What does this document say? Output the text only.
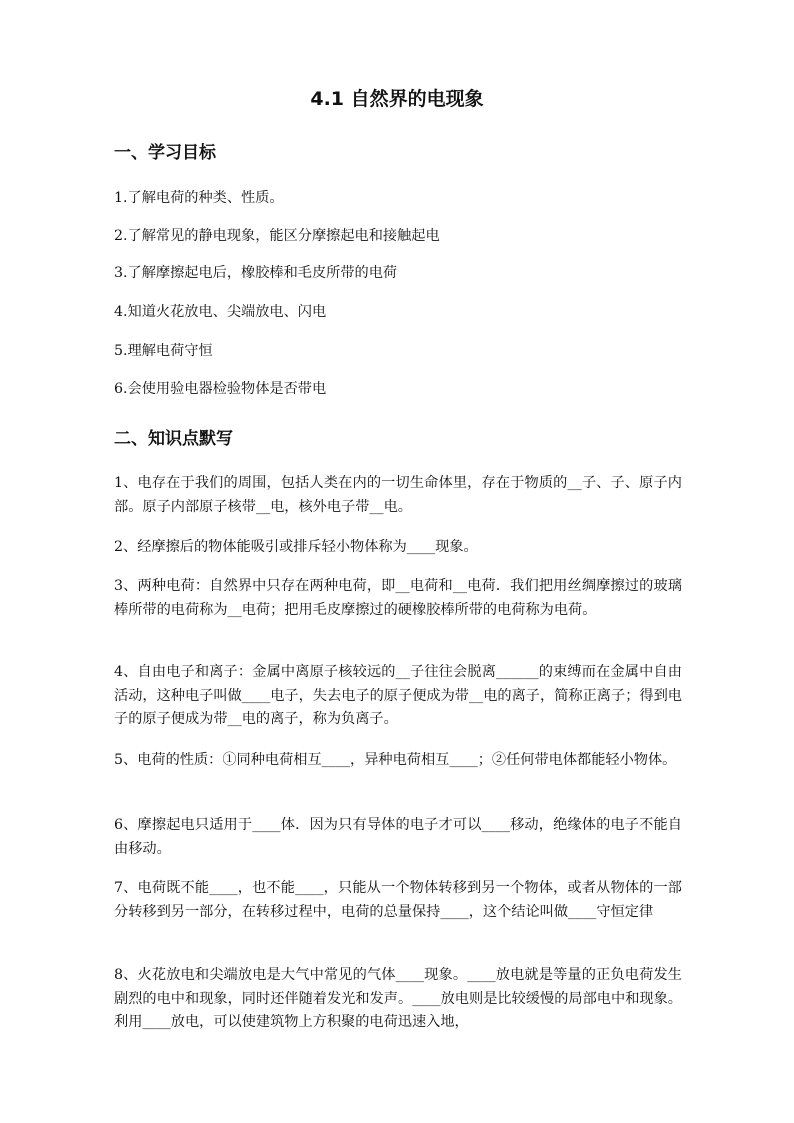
4.1 自然界的电现象
一、学习目标
1.了解电荷的种类、性质。
2.了解常见的静电现象，能区分摩擦起电和接触起电
3.了解摩擦起电后，橡胶棒和毛皮所带的电荷
4.知道火花放电、尖端放电、闪电
5.理解电荷守恒
6.会使用验电器检验物体是否带电
二、知识点默写
1、电存在于我们的周围，包括人类在内的一切生命体里，存在于物质的__子、子、原子内部。原子内部原子核带__电，核外电子带__电。
2、经摩擦后的物体能吸引或排斥轻小物体称为____现象。
3、两种电荷：自然界中只存在两种电荷，即__电荷和__电荷．我们把用丝绸摩擦过的玻璃棒所带的电荷称为__电荷；把用毛皮摩擦过的硬橡胶棒所带的电荷称为电荷。
4、自由电子和离子：金属中离原子核较远的__子往往会脱离______的束缚而在金属中自由活动，这种电子叫做____电子，失去电子的原子便成为带__电的离子，简称正离子；得到电子的原子便成为带__电的离子，称为负离子。
5、电荷的性质：①同种电荷相互____，异种电荷相互____；②任何带电体都能轻小物体。
6、摩擦起电只适用于____体．因为只有导体的电子才可以____移动，绝缘体的电子不能自由移动。
7、电荷既不能____，也不能____，只能从一个物体转移到另一个物体，或者从物体的一部分转移到另一部分，在转移过程中，电荷的总量保持____，这个结论叫做____守恒定律
8、火花放电和尖端放电是大气中常见的气体____现象。____放电就是等量的正负电荷发生剧烈的电中和现象，同时还伴随着发光和发声。____放电则是比较缓慢的局部电中和现象。利用____放电，可以使建筑物上方积聚的电荷迅速入地，
